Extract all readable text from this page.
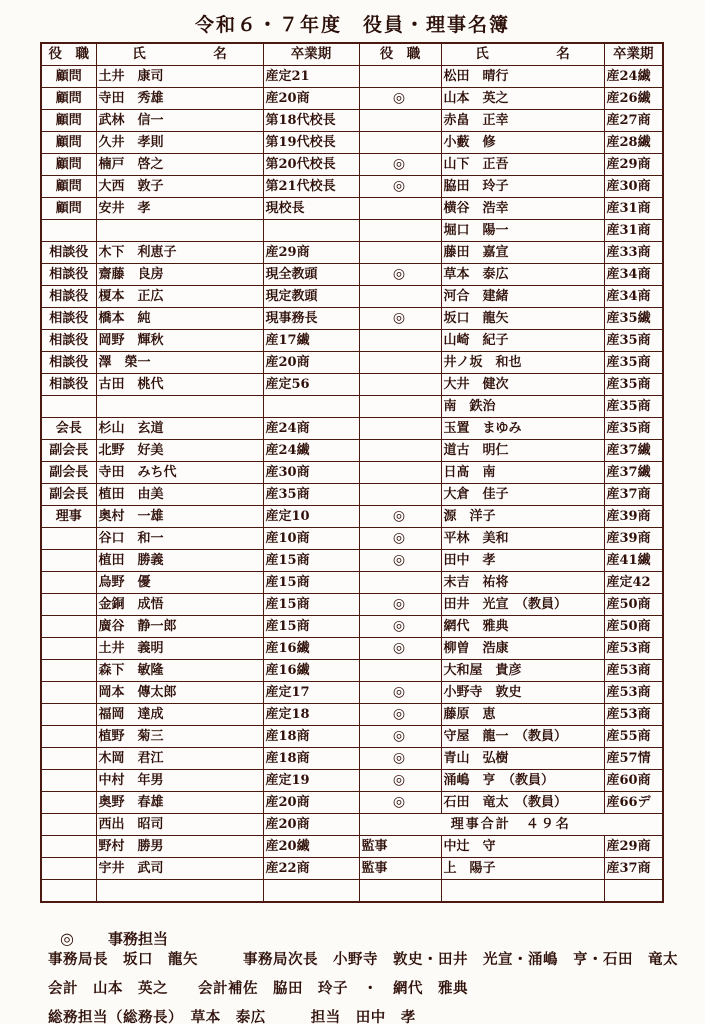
令和６・７年度　役員・理事名簿
役　職	氏　　　　　名	卒業期	役　職	氏　　　　　名	卒業期
顧問	土井　康司	産定21		松田　晴行	産24繊
顧問	寺田　秀雄	産20商	◎	山本　英之	産26繊
顧問	武林　信一	第18代校長		赤畠　正幸	産27商
顧問	久井　孝則	第19代校長		小藪　修	産28繊
顧問	楠戸　啓之	第20代校長	◎	山下　正吾	産29商
顧問	大西　敦子	第21代校長	◎	脇田　玲子	産30商
顧問	安井　孝	現校長		横谷　浩幸	産31商
				堀口　陽一	産31商
相談役	木下　利恵子	産29商		藤田　嘉宣	産33商
相談役	齋藤　良房	現全教頭	◎	草本　泰広	産34商
相談役	榎本　正広	現定教頭		河合　建緒	産34商
相談役	橋本　純	現事務長	◎	坂口　龍矢	産35繊
相談役	岡野　輝秋	産17繊		山崎　紀子	産35商
相談役	澤　榮一	産20商		井ノ坂　和也	産35商
相談役	古田　桃代	産定56		大井　健次	産35商
				南　鉄治	産35商
会長	杉山　玄道	産24商		玉置　まゆみ	産35商
副会長	北野　好美	産24繊		道古　明仁	産37繊
副会長	寺田　みち代	産30商		日髙　南	産37繊
副会長	植田　由美	産35商		大倉　佳子	産37商
理事	奥村　一雄	産定10	◎	源　洋子	産39商
	谷口　和一	産10商	◎	平林　美和	産39商
	植田　勝義	産15商	◎	田中　孝	産41繊
	烏野　優	産15商		末吉　祐将	産定42
	金銅　成悟	産15商	◎	田井　光宣　（教員）	産50商
	廣谷　静一郎	産15商	◎	網代　雅典	産50商
	土井　義明	産16繊	◎	柳曽　浩康	産53商
	森下　敏隆	産16繊		大和屋　貴彦	産53商
	岡本　傳太郎	産定17	◎	小野寺　敦史	産53商
	福岡　達成	産定18	◎	藤原　恵	産53商
	植野　菊三	産18商	◎	守屋　龍一　（教員）	産55商
	木岡　君江	産18商	◎	青山　弘樹	産57情
	中村　年男	産定19	◎	涌嶋　亨　（教員）	産60商
	奥野　春雄	産20商	◎	石田　竜太　（教員）	産66デ
	西出　昭司	産20商	理事合計　４９名		
	野村　勝男	産20繊	監事	中辻　守	産29商
	宇井　武司	産22商	監事	上　陽子	産37商

◎ 事務担当

事務局長　坂口　龍矢　　　事務局次長　小野寺　敦史・田井　光宣・涌嶋　亨・石田　竜太

会計　山本　英之　　会計補佐　脇田　玲子　・　網代　雅典

総務担当（総務長）　草本　泰広　　　担当　田中　孝
